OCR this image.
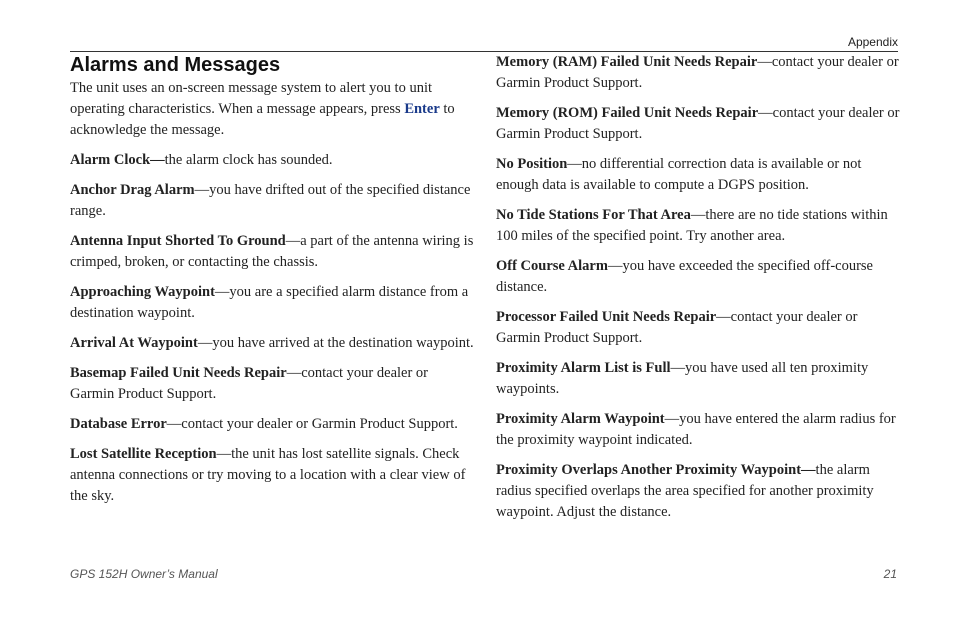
Appendix
Alarms and Messages

The unit uses an on-screen message system to alert you to unit operating characteristics. When a message appears, press Enter to acknowledge the message.

Alarm Clock—the alarm clock has sounded.

Anchor Drag Alarm—you have drifted out of the specified distance range.

Antenna Input Shorted To Ground—a part of the antenna wiring is crimped, broken, or contacting the chassis.

Approaching Waypoint—you are a specified alarm distance from a destination waypoint.

Arrival At Waypoint—you have arrived at the destination waypoint.

Basemap Failed Unit Needs Repair—contact your dealer or Garmin Product Support.

Database Error—contact your dealer or Garmin Product Support.

Lost Satellite Reception—the unit has lost satellite signals. Check antenna connections or try moving to a location with a clear view of the sky.

Memory (RAM) Failed Unit Needs Repair—contact your dealer or Garmin Product Support.

Memory (ROM) Failed Unit Needs Repair—contact your dealer or Garmin Product Support.

No Position—no differential correction data is available or not enough data is available to compute a DGPS position.

No Tide Stations For That Area—there are no tide stations within 100 miles of the specified point. Try another area.

Off Course Alarm—you have exceeded the specified off-course distance.

Processor Failed Unit Needs Repair—contact your dealer or Garmin Product Support.

Proximity Alarm List is Full—you have used all ten proximity waypoints.

Proximity Alarm Waypoint—you have entered the alarm radius for the proximity waypoint indicated.

Proximity Overlaps Another Proximity Waypoint—the alarm radius specified overlaps the area specified for another proximity waypoint. Adjust the distance.

GPS 152H Owner’s Manual	21
